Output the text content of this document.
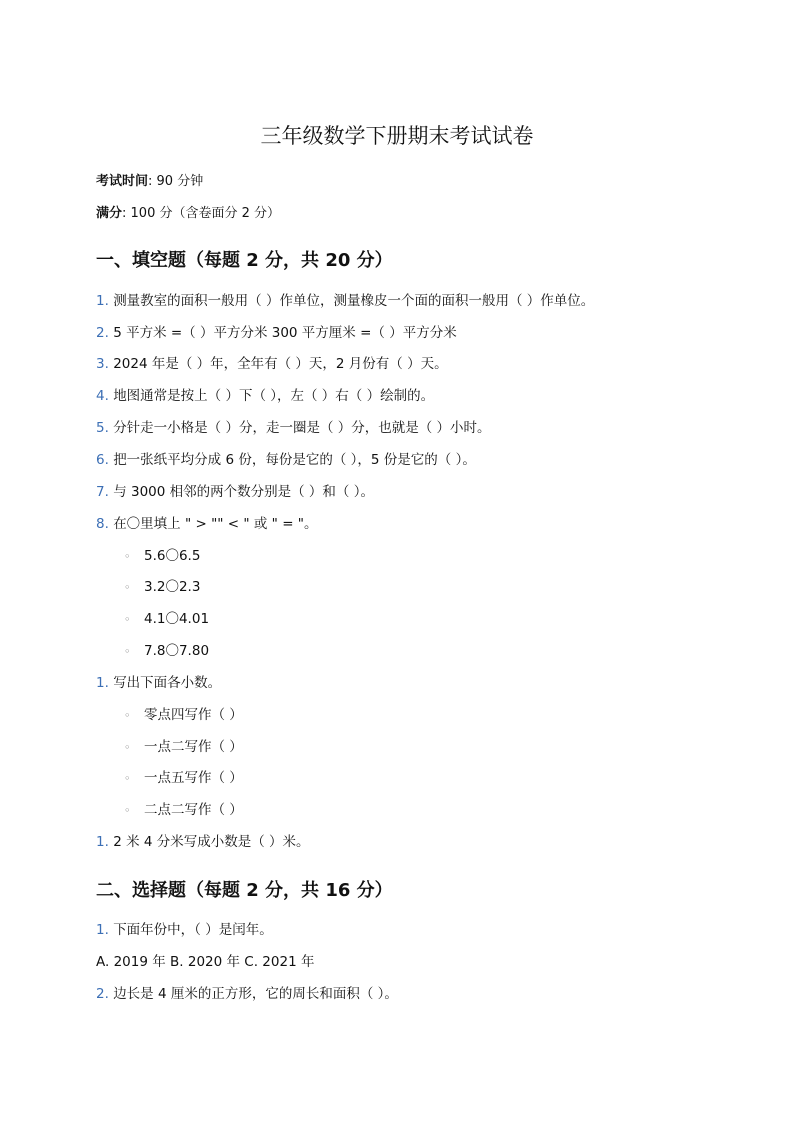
三年级数学下册期末考试试卷
考试时间: 90 分钟
满分: 100 分（含卷面分 2 分）
一、填空题（每题 2 分，共 20 分）
1. 测量教室的面积一般用（ ）作单位，测量橡皮一个面的面积一般用（ ）作单位。
2. 5 平方米 =（ ）平方分米 300 平方厘米 =（ ）平方分米
3. 2024 年是（ ）年，全年有（ ）天，2 月份有（ ）天。
4. 地图通常是按上（ ）下（ ），左（ ）右（ ）绘制的。
5. 分针走一小格是（ ）分，走一圈是（ ）分，也就是（ ）小时。
6. 把一张纸平均分成 6 份，每份是它的（ ），5 份是它的（ ）。
7. 与 3000 相邻的两个数分别是（ ）和（ ）。
8. 在〇里填上 " > "" < " 或 " = "。
◦ 5.6〇6.5
◦ 3.2〇2.3
◦ 4.1〇4.01
◦ 7.8〇7.80
1. 写出下面各小数。
◦ 零点四写作（ ）
◦ 一点二写作（ ）
◦ 一点五写作（ ）
◦ 二点二写作（ ）
1. 2 米 4 分米写成小数是（ ）米。
二、选择题（每题 2 分，共 16 分）
1. 下面年份中，（ ）是闰年。
A. 2019 年 B. 2020 年 C. 2021 年
2. 边长是 4 厘米的正方形，它的周长和面积（ ）。
